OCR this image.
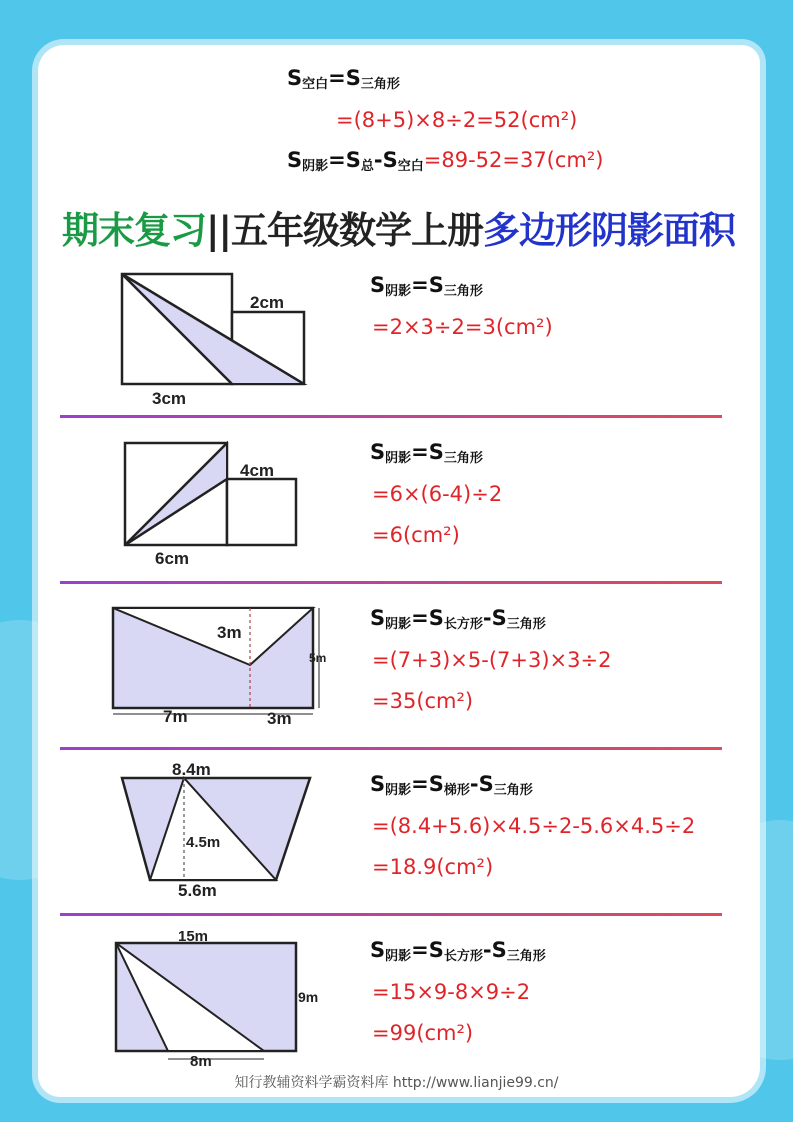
$S_{空白}=S_{三角形}$
=(8+5)×8÷2=52(cm²)
$S_{阴影}=S_总-S_{空白}=89-52=37(cm^2)$
期末复习||五年级数学上册多边形阴影面积
2cm
3cm
$S_{阴影}=S_{三角形}$
=2×3÷2=3(cm²)
4cm
6cm
$S_{阴影}=S_{三角形}$
=6×(6-4)÷2
=6(cm²)
3m
5m
7m	3m
$S_{阴影}=S_{长方形}-S_{三角形}$
=(7+3)×5-(7+3)×3÷2
=35(cm²)
8.4m
4.5m
5.6m
$S_{阴影}=S_{梯形}-S_{三角形}$
=(8.4+5.6)×4.5÷2-5.6×4.5÷2
=18.9(cm²)
15m
9m
8m
$S_{阴影}=S_{长方形}-S_{三角形}$
=15×9-8×9÷2
=99(cm²)
知行教辅资料学霸资料库 http://www.lianjie99.cn/
